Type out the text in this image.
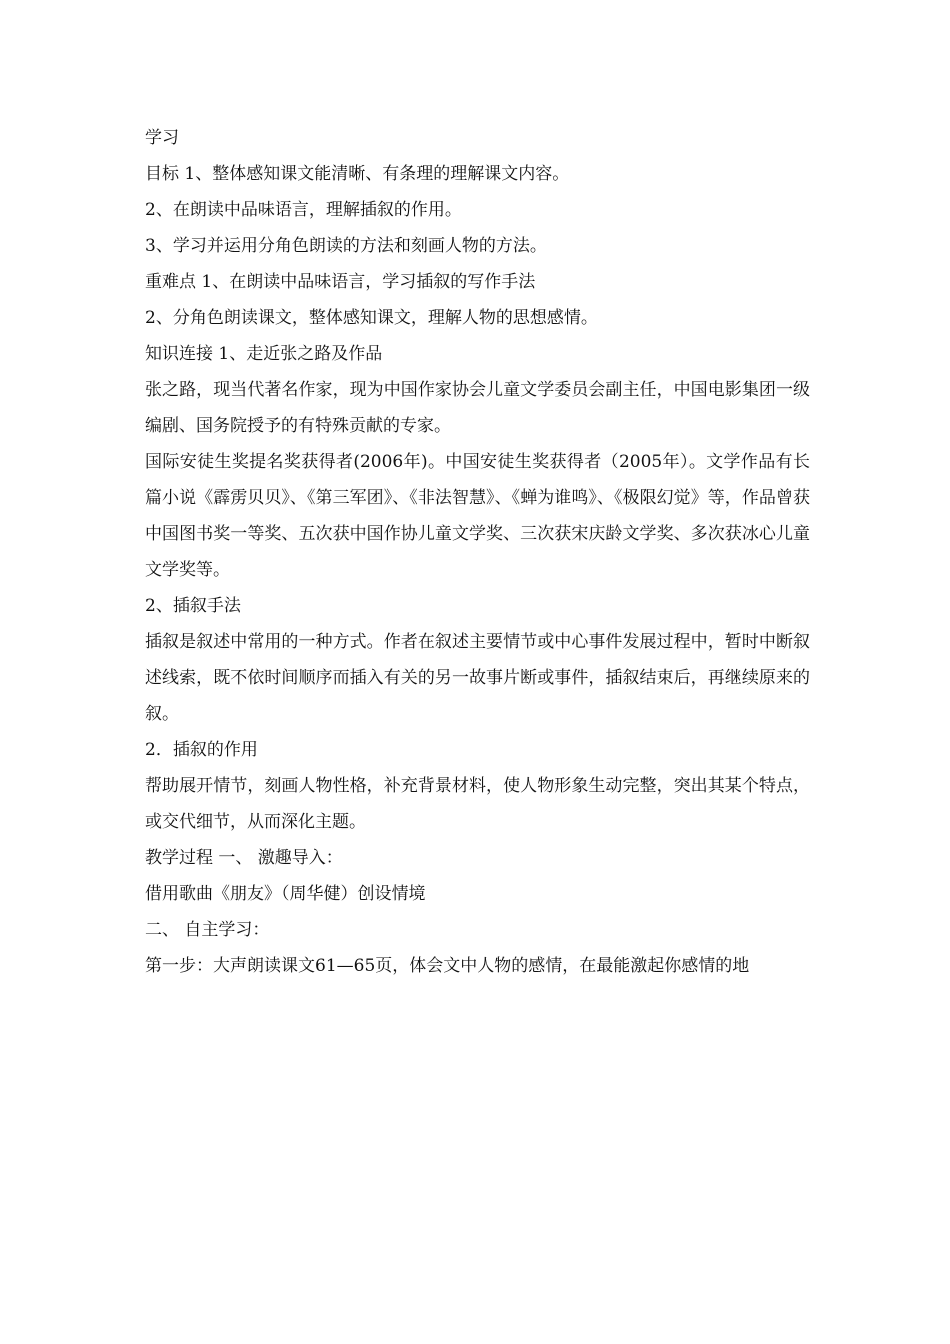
学习

目标 1、整体感知课文能清晰、有条理的理解课文内容。

2、在朗读中品味语言，理解插叙的作用。

3、学习并运用分角色朗读的方法和刻画人物的方法。

重难点 1、在朗读中品味语言，学习插叙的写作手法

2、分角色朗读课文，整体感知课文，理解人物的思想感情。

知识连接 1、走近张之路及作品

张之路，现当代著名作家，现为中国作家协会儿童文学委员会副主任，中国电影集团一级编剧、国务院授予的有特殊贡献的专家。

国际安徒生奖提名奖获得者(2006年)。中国安徒生奖获得者（2005年）。文学作品有长篇小说《霹雳贝贝》、《第三军团》、《非法智慧》、《蝉为谁鸣》、《极限幻觉》等，作品曾获中国图书奖一等奖、五次获中国作协儿童文学奖、三次获宋庆龄文学奖、多次获冰心儿童文学奖等。

2、插叙手法

插叙是叙述中常用的一种方式。作者在叙述主要情节或中心事件发展过程中，暂时中断叙述线索，既不依时间顺序而插入有关的另一故事片断或事件，插叙结束后，再继续原来的叙。

2．插叙的作用

帮助展开情节，刻画人物性格，补充背景材料，使人物形象生动完整，突出其某个特点，或交代细节，从而深化主题。

教学过程 一、 激趣导入：

借用歌曲《朋友》（周华健）创设情境

二、 自主学习：

第一步：大声朗读课文61—65页，体会文中人物的感情，在最能激起你感情的地
